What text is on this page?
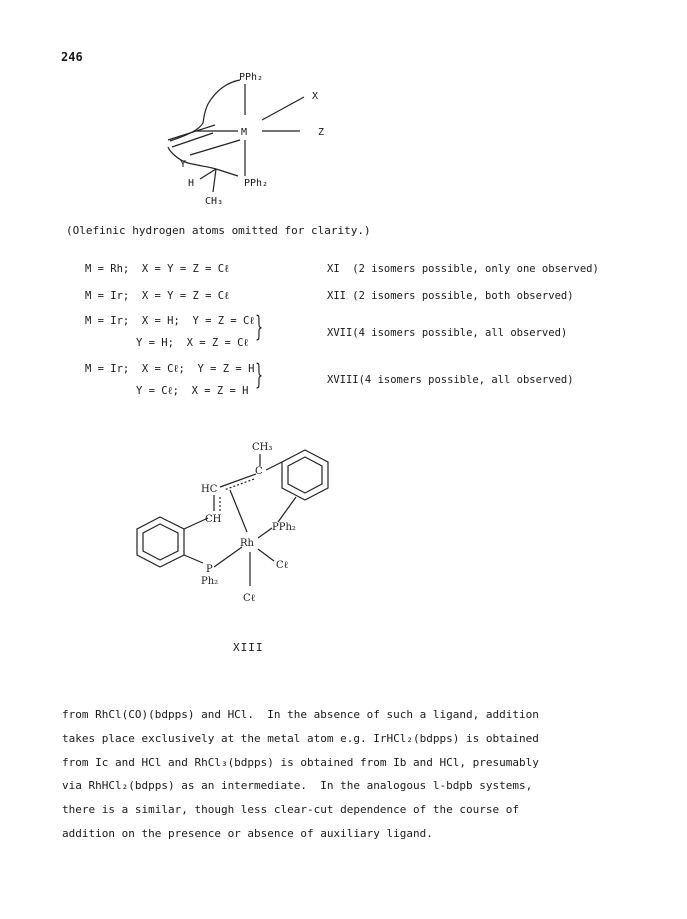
246
PPh₂
X
M	Z
Y
H	PPh₂
CH₃
CH₃
C
HC
CH
PPh₂
Rh
P
Ph₂
Cℓ
Cℓ
(Olefinic hydrogen atoms omitted for clarity.)
M = Rh;  X = Y = Z = Cℓ	XI  (2 isomers possible, only one observed)
M = Ir;  X = Y = Z = Cℓ	XII (2 isomers possible, both observed)
M = Ir;  X = H;  Y = Z = Cℓ
Y = H;  X = Z = Cℓ }	XVII(4 isomers possible, all observed)
M = Ir;  X = Cℓ;  Y = Z = H
Y = Cℓ;  X = Z = H }	XVIII(4 isomers possible, all observed)
XIII

from RhCl(CO)(bdpps) and HCl.  In the absence of such a ligand, addition

takes place exclusively at the metal atom e.g. IrHCl₂(bdpps) is obtained

from Ic and HCl and RhCl₃(bdpps) is obtained from Ib and HCl, presumably

via RhHCl₂(bdpps) as an intermediate.  In the analogous l-bdpb systems,

there is a similar, though less clear-cut dependence of the course of

addition on the presence or absence of auxiliary ligand.
